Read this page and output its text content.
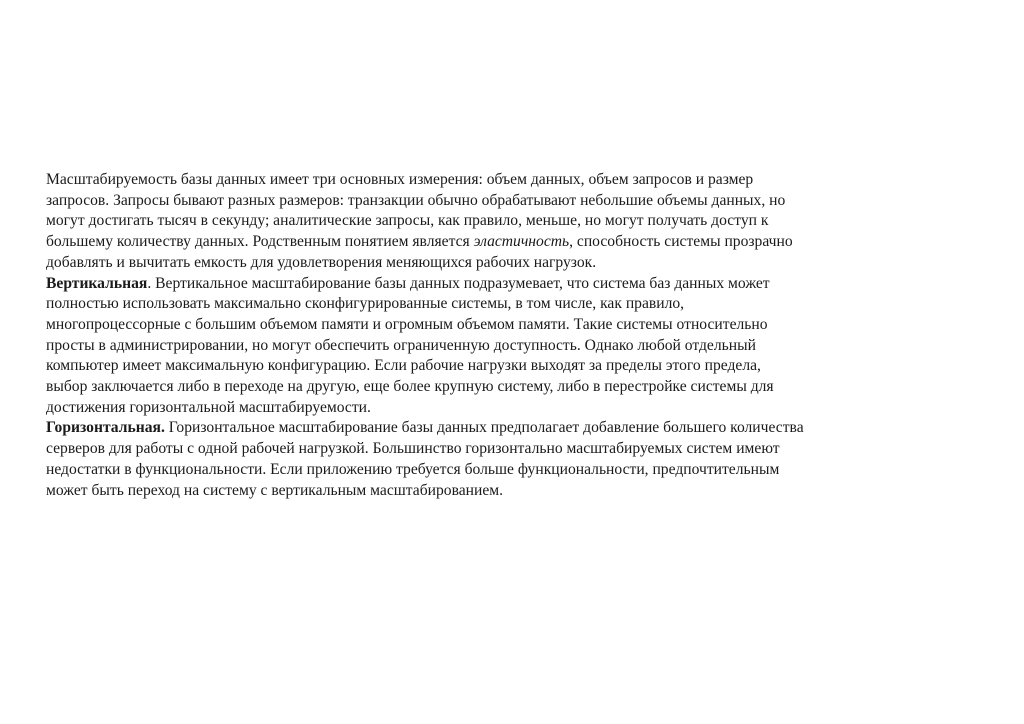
Масштабируемость базы данных имеет три основных измерения: объем данных, объем запросов и размер
запросов. Запросы бывают разных размеров: транзакции обычно обрабатывают небольшие объемы данных, но
могут достигать тысяч в секунду; аналитические запросы, как правило, меньше, но могут получать доступ к
большему количеству данных. Родственным понятием является эластичность, способность системы прозрачно
добавлять и вычитать емкость для удовлетворения меняющихся рабочих нагрузок.
Вертикальная. Вертикальное масштабирование базы данных подразумевает, что система баз данных может
полностью использовать максимально сконфигурированные системы, в том числе, как правило,
многопроцессорные с большим объемом памяти и огромным объемом памяти. Такие системы относительно
просты в администрировании, но могут обеспечить ограниченную доступность. Однако любой отдельный
компьютер имеет максимальную конфигурацию. Если рабочие нагрузки выходят за пределы этого предела,
выбор заключается либо в переходе на другую, еще более крупную систему, либо в перестройке системы для
достижения горизонтальной масштабируемости.
Горизонтальная. Горизонтальное масштабирование базы данных предполагает добавление большего количества
серверов для работы с одной рабочей нагрузкой. Большинство горизонтально масштабируемых систем имеют
недостатки в функциональности. Если приложению требуется больше функциональности, предпочтительным
может быть переход на систему с вертикальным масштабированием.
